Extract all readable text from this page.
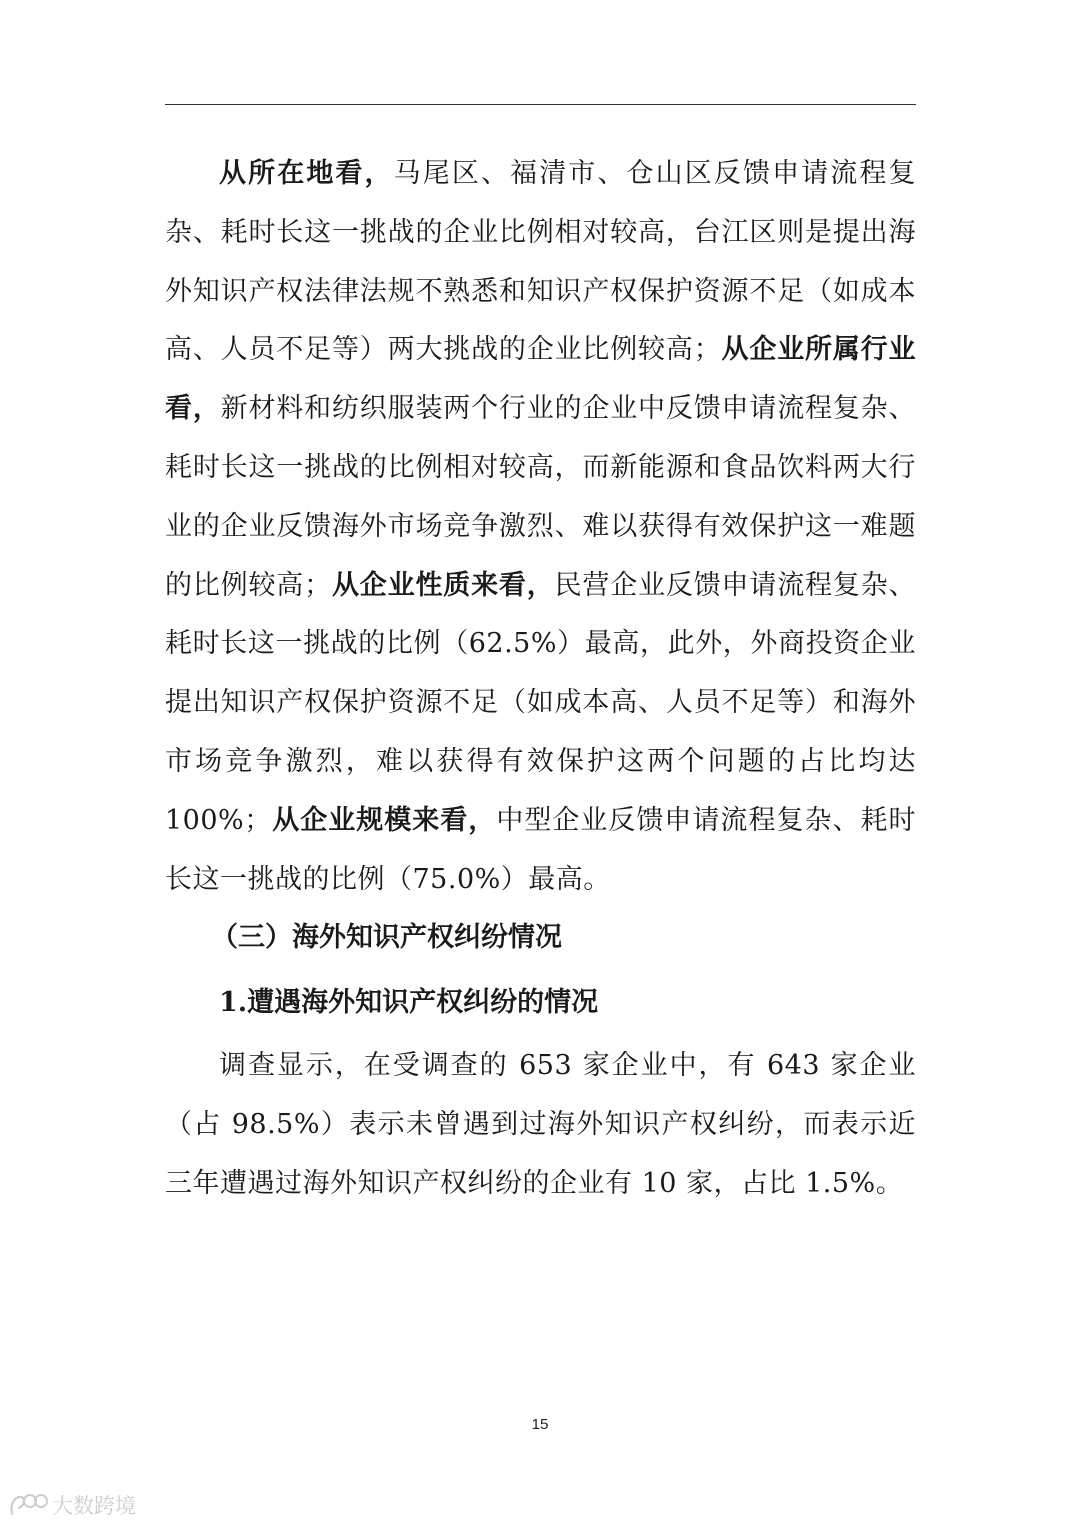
从所在地看，马尾区、福清市、仓山区反馈申请流程复杂、耗时长这一挑战的企业比例相对较高，台江区则是提出海外知识产权法律法规不熟悉和知识产权保护资源不足（如成本高、人员不足等）两大挑战的企业比例较高；从企业所属行业看，新材料和纺织服装两个行业的企业中反馈申请流程复杂、耗时长这一挑战的比例相对较高，而新能源和食品饮料两大行业的企业反馈海外市场竞争激烈、难以获得有效保护这一难题的比例较高；从企业性质来看，民营企业反馈申请流程复杂、耗时长这一挑战的比例（62.5%）最高，此外，外商投资企业提出知识产权保护资源不足（如成本高、人员不足等）和海外市场竞争激烈，难以获得有效保护这两个问题的占比均达 100%；从企业规模来看，中型企业反馈申请流程复杂、耗时长这一挑战的比例（75.0%）最高。

（三）海外知识产权纠纷情况

1.遭遇海外知识产权纠纷的情况

调查显示，在受调查的 653 家企业中，有 643 家企业（占 98.5%）表示未曾遇到过海外知识产权纠纷，而表示近三年遭遇过海外知识产权纠纷的企业有 10 家，占比 1.5%。

15
大数跨境
